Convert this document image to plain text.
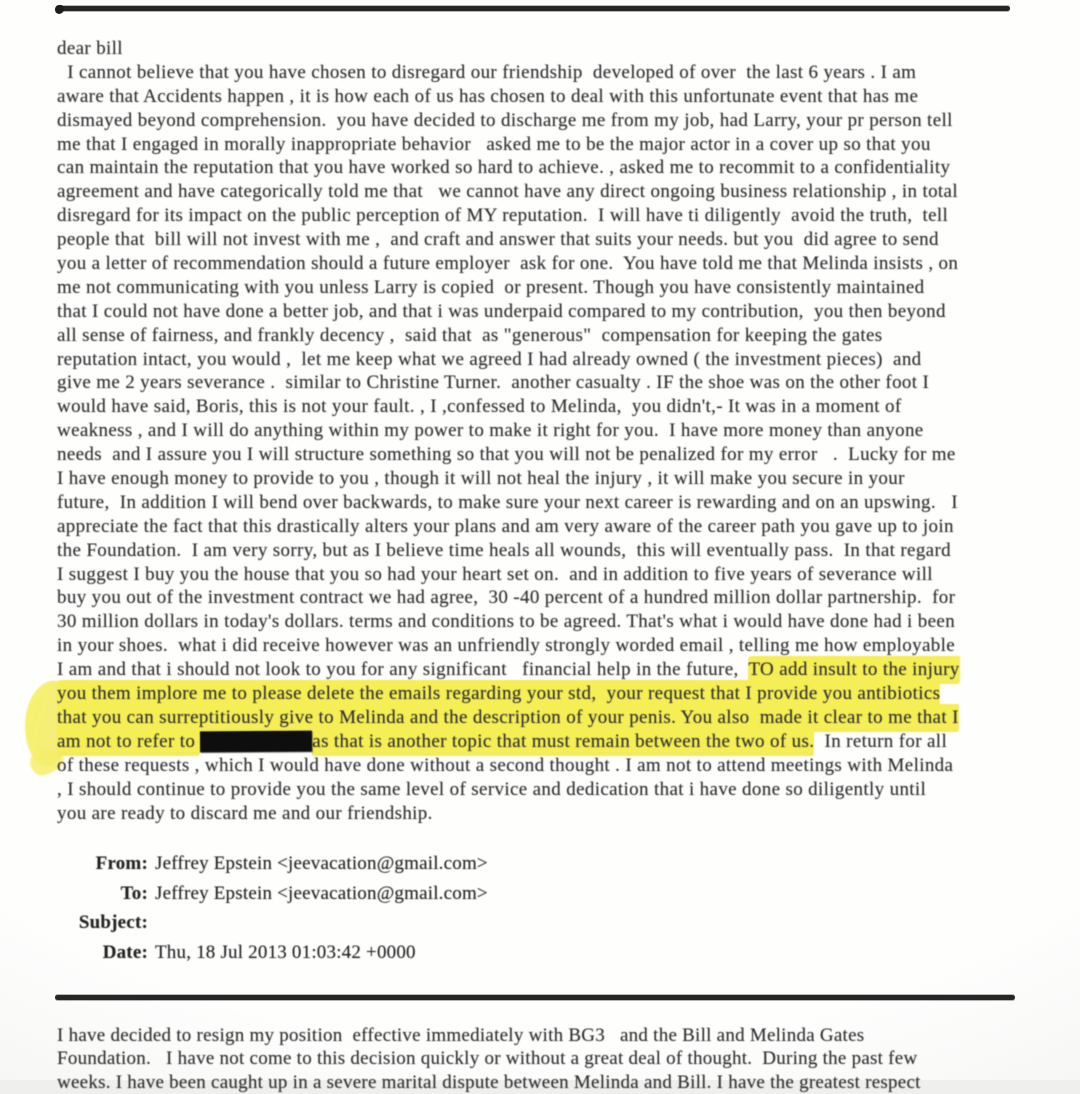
dear bill
I cannot believe that you have chosen to disregard our friendship  developed of over  the last 6 years . I am
aware that Accidents happen , it is how each of us has chosen to deal with this unfortunate event that has me
dismayed beyond comprehension.  you have decided to discharge me from my job, had Larry, your pr person tell
me that I engaged in morally inappropriate behavior   asked me to be the major actor in a cover up so that you
can maintain the reputation that you have worked so hard to achieve. , asked me to recommit to a confidentiality
agreement and have categorically told me that   we cannot have any direct ongoing business relationship , in total
disregard for its impact on the public perception of MY reputation.  I will have ti diligently  avoid the truth,  tell
people that  bill will not invest with me ,  and craft and answer that suits your needs. but you  did agree to send
you a letter of recommendation should a future employer  ask for one.  You have told me that Melinda insists , on
me not communicating with you unless Larry is copied  or present. Though you have consistently maintained
that I could not have done a better job, and that i was underpaid compared to my contribution,  you then beyond
all sense of fairness, and frankly decency ,  said that  as "generous"  compensation for keeping the gates
reputation intact, you would ,  let me keep what we agreed I had already owned ( the investment pieces)  and
give me 2 years severance .  similar to Christine Turner.  another casualty . IF the shoe was on the other foot I
would have said, Boris, this is not your fault. , I ,confessed to Melinda,  you didn't,- It was in a moment of
weakness , and I will do anything within my power to make it right for you.  I have more money than anyone
needs  and I assure you I will structure something so that you will not be penalized for my error   .  Lucky for me
I have enough money to provide to you , though it will not heal the injury , it will make you secure in your
future,  In addition I will bend over backwards, to make sure your next career is rewarding and on an upswing.   I
appreciate the fact that this drastically alters your plans and am very aware of the career path you gave up to join
the Foundation.  I am very sorry, but as I believe time heals all wounds,  this will eventually pass.  In that regard
I suggest I buy you the house that you so had your heart set on.  and in addition to five years of severance will
buy you out of the investment contract we had agree,  30 -40 percent of a hundred million dollar partnership.  for
30 million dollars in today's dollars. terms and conditions to be agreed. That's what i would have done had i been
in your shoes.  what i did receive however was an unfriendly strongly worded email , telling me how employable
I am and that i should not look to you for any significant   financial help in the future,  TO add insult to the injury
you them implore me to please delete the emails regarding your std,  your request that I provide you antibiotics
that you can surreptitiously give to Melinda and the description of your penis. You also  made it clear to me that I
am not to refer to	as that is another topic that must remain between the two of us.  In return for all
of these requests , which I would have done without a second thought . I am not to attend meetings with Melinda
, I should continue to provide you the same level of service and dedication that i have done so diligently until
you are ready to discard me and our friendship.
From: Jeffrey Epstein <jeevacation@gmail.com>
To: Jeffrey Epstein <jeevacation@gmail.com>
Subject:
Date: Thu, 18 Jul 2013 01:03:42 +0000
I have decided to resign my position  effective immediately with BG3   and the Bill and Melinda Gates
Foundation.   I have not come to this decision quickly or without a great deal of thought.  During the past few
weeks. I have been caught up in a severe marital dispute between Melinda and Bill. I have the greatest respect
